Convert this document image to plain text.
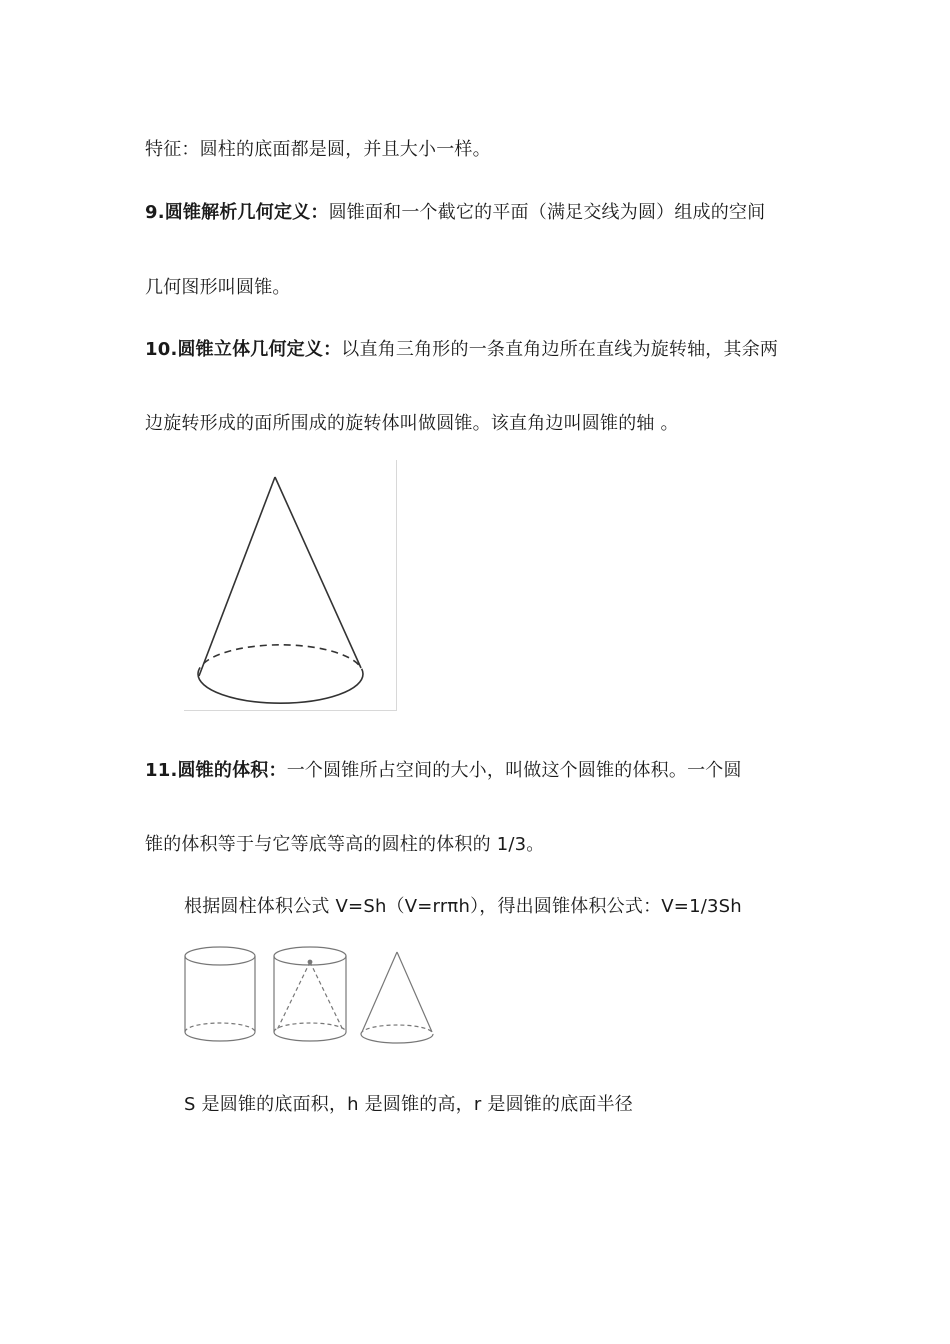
特征：圆柱的底面都是圆，并且大小一样。
9.圆锥解析几何定义：圆锥面和一个截它的平面（满足交线为圆）组成的空间
几何图形叫圆锥。
10.圆锥立体几何定义：以直角三角形的一条直角边所在直线为旋转轴，其余两
边旋转形成的面所围成的旋转体叫做圆锥。该直角边叫圆锥的轴 。
11.圆锥的体积：一个圆锥所占空间的大小，叫做这个圆锥的体积。一个圆
锥的体积等于与它等底等高的圆柱的体积的 1/3。
根据圆柱体积公式 V=Sh（V=rrπh），得出圆锥体积公式：V=1/3Sh
S 是圆锥的底面积，h 是圆锥的高，r 是圆锥的底面半径
